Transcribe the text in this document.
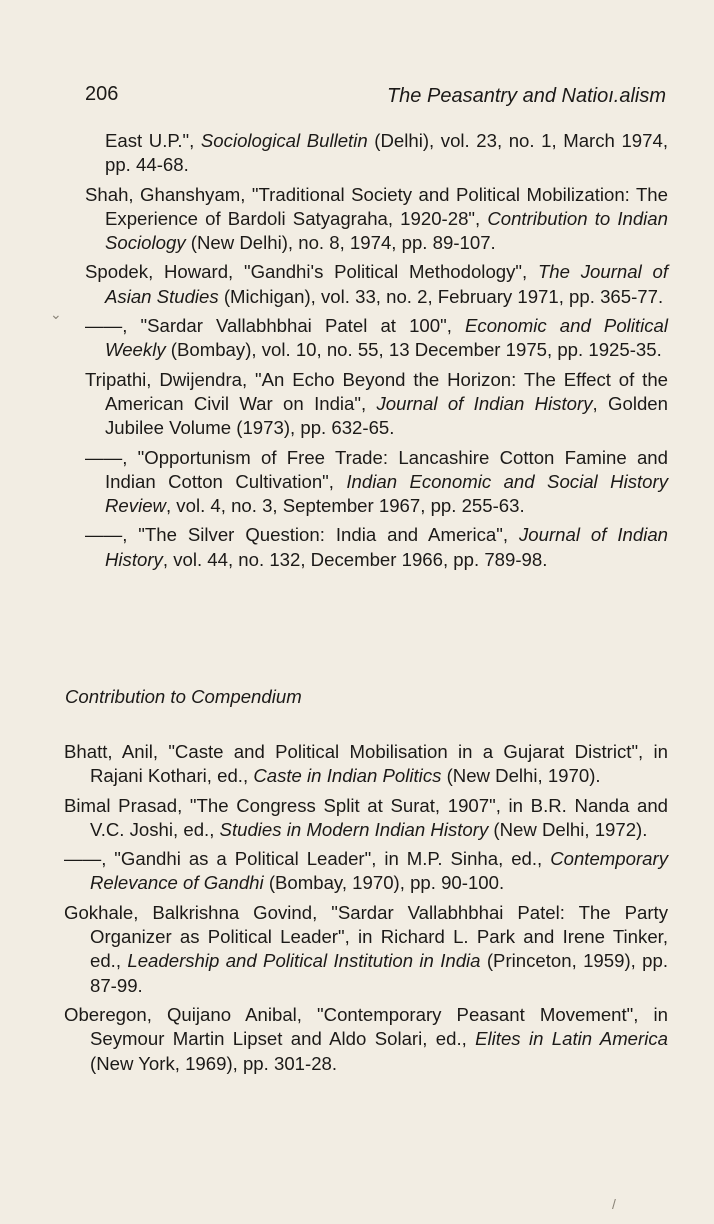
206	The Peasantry and Natioı.alism

East U.P.", Sociological Bulletin (Delhi), vol. 23, no. 1, March 1974, pp. 44-68.

Shah, Ghanshyam, "Traditional Society and Political Mobilization: The Experience of Bardoli Satyagraha, 1920-28", Contribution to Indian Sociology (New Delhi), no. 8, 1974, pp. 89-107.

Spodek, Howard, "Gandhi's Political Methodology", The Journal of Asian Studies (Michigan), vol. 33, no. 2, February 1971, pp. 365-77.

——, "Sardar Vallabhbhai Patel at 100", Economic and Political Weekly (Bombay), vol. 10, no. 55, 13 December 1975, pp. 1925-35.

Tripathi, Dwijendra, "An Echo Beyond the Horizon: The Effect of the American Civil War on India", Journal of Indian History, Golden Jubilee Volume (1973), pp. 632-65.

——, "Opportunism of Free Trade: Lancashire Cotton Famine and Indian Cotton Cultivation", Indian Economic and Social History Review, vol. 4, no. 3, September 1967, pp. 255-63.

——, "The Silver Question: India and America", Journal of Indian History, vol. 44, no. 132, December 1966, pp. 789-98.

Contribution to Compendium

Bhatt, Anil, "Caste and Political Mobilisation in a Gujarat District", in Rajani Kothari, ed., Caste in Indian Politics (New Delhi, 1970).

Bimal Prasad, "The Congress Split at Surat, 1907", in B.R. Nanda and V.C. Joshi, ed., Studies in Modern Indian History (New Delhi, 1972).

——, "Gandhi as a Political Leader", in M.P. Sinha, ed., Contemporary Relevance of Gandhi (Bombay, 1970), pp. 90-100.

Gokhale, Balkrishna Govind, "Sardar Vallabhbhai Patel: The Party Organizer as Political Leader", in Richard L. Park and Irene Tinker, ed., Leadership and Political Institution in India (Princeton, 1959), pp. 87-99.

Oberegon, Quijano Anibal, "Contemporary Peasant Movement", in Seymour Martin Lipset and Aldo Solari, ed., Elites in Latin America (New York, 1969), pp. 301-28.

⌄
/
